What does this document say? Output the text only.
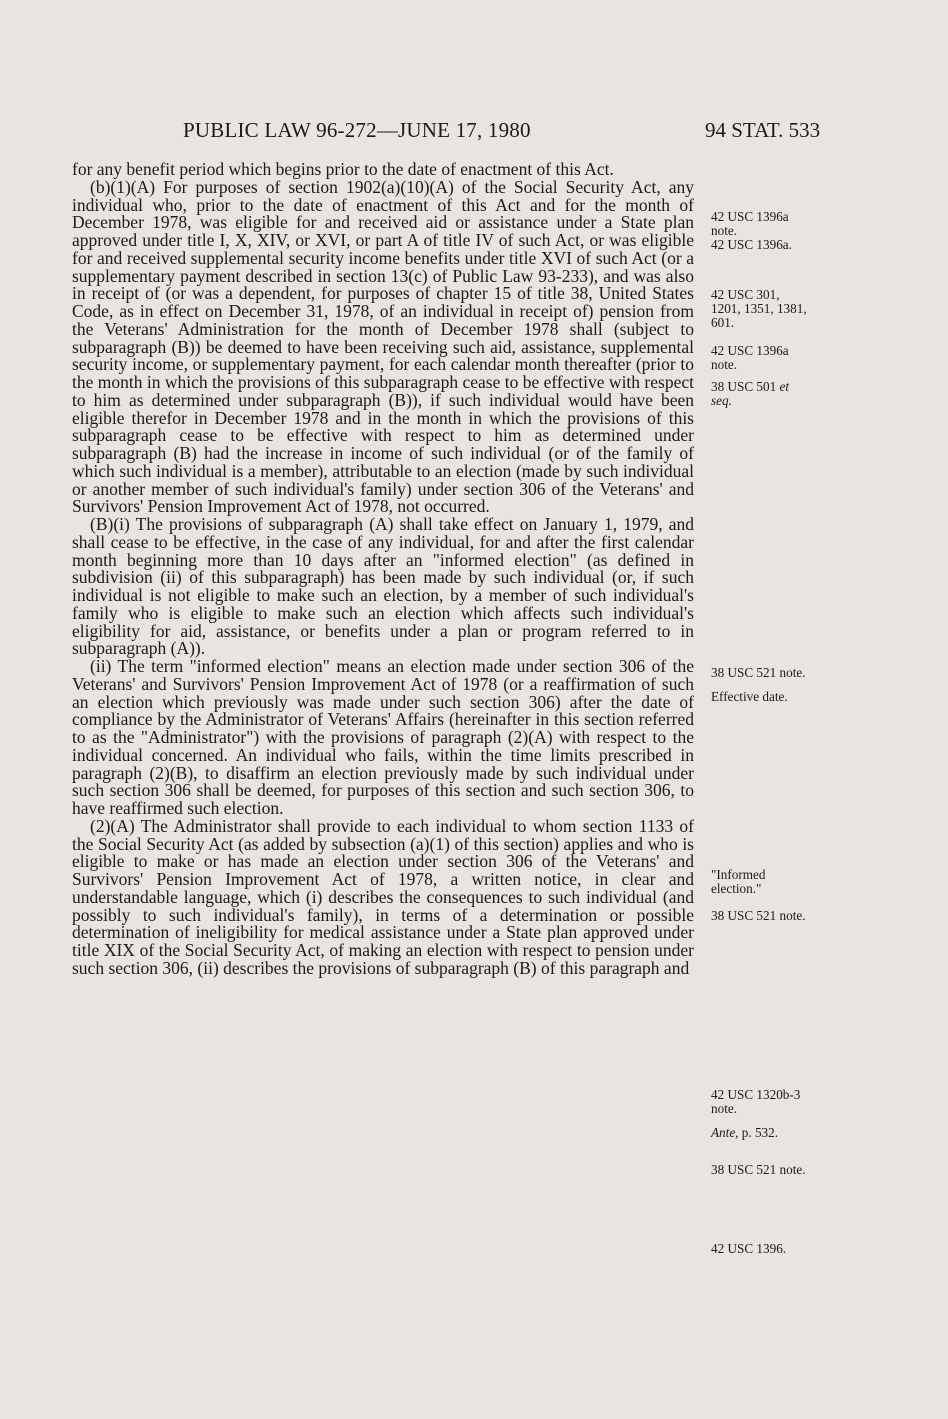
PUBLIC LAW 96-272—JUNE 17, 1980	94 STAT. 533

for any benefit period which begins prior to the date of enactment of this Act.

(b)(1)(A) For purposes of section 1902(a)(10)(A) of the Social Security Act, any individual who, prior to the date of enactment of this Act and for the month of December 1978, was eligible for and received aid or assistance under a State plan approved under title I, X, XIV, or XVI, or part A of title IV of such Act, or was eligible for and received supplemental security income benefits under title XVI of such Act (or a supplementary payment described in section 13(c) of Public Law 93-233), and was also in receipt of (or was a dependent, for purposes of chapter 15 of title 38, United States Code, as in effect on December 31, 1978, of an individual in receipt of) pension from the Veterans' Administration for the month of December 1978 shall (subject to subparagraph (B)) be deemed to have been receiving such aid, assistance, supplemental security income, or supplementary payment, for each calendar month thereafter (prior to the month in which the provisions of this subparagraph cease to be effective with respect to him as determined under subparagraph (B)), if such individual would have been eligible therefor in December 1978 and in the month in which the provisions of this subparagraph cease to be effective with respect to him as determined under subparagraph (B) had the increase in income of such individual (or of the family of which such individual is a member), attributable to an election (made by such individual or another member of such individual's family) under section 306 of the Veterans' and Survivors' Pension Improvement Act of 1978, not occurred.

(B)(i) The provisions of subparagraph (A) shall take effect on January 1, 1979, and shall cease to be effective, in the case of any individual, for and after the first calendar month beginning more than 10 days after an "informed election" (as defined in subdivision (ii) of this subparagraph) has been made by such individual (or, if such individual is not eligible to make such an election, by a member of such individual's family who is eligible to make such an election which affects such individual's eligibility for aid, assistance, or benefits under a plan or program referred to in subparagraph (A)).

(ii) The term "informed election" means an election made under section 306 of the Veterans' and Survivors' Pension Improvement Act of 1978 (or a reaffirmation of such an election which previously was made under such section 306) after the date of compliance by the Administrator of Veterans' Affairs (hereinafter in this section referred to as the "Administrator") with the provisions of paragraph (2)(A) with respect to the individual concerned. An individual who fails, within the time limits prescribed in paragraph (2)(B), to disaffirm an election previously made by such individual under such section 306 shall be deemed, for purposes of this section and such section 306, to have reaffirmed such election.

(2)(A) The Administrator shall provide to each individual to whom section 1133 of the Social Security Act (as added by subsection (a)(1) of this section) applies and who is eligible to make or has made an election under section 306 of the Veterans' and Survivors' Pension Improvement Act of 1978, a written notice, in clear and understandable language, which (i) describes the consequences to such individual (and possibly to such individual's family), in terms of a determination or possible determination of ineligibility for medical assistance under a State plan approved under title XIX of the Social Security Act, of making an election with respect to pension under such section 306, (ii) describes the provisions of subparagraph (B) of this paragraph and

42 USC 1396a
note.
42 USC 1396a.
42 USC 301,
1201, 1351, 1381,
601.
42 USC 1396a
note.
38 USC 501 et
seq.
38 USC 521 note.
Effective date.
"Informed
election."
38 USC 521 note.
42 USC 1320b-3
note.
Ante, p. 532.
38 USC 521 note.
42 USC 1396.
